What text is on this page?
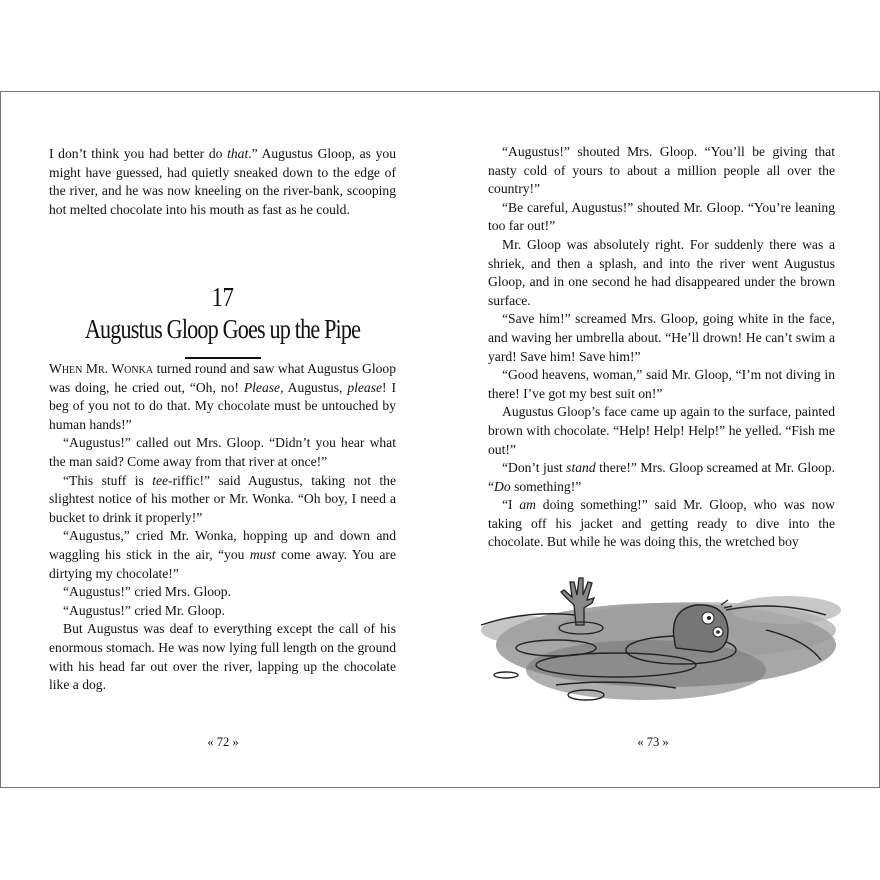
I don’t think you had better do that.” Augustus Gloop, as you might have guessed, had quietly sneaked down to the edge of the river, and he was now kneeling on the river-bank, scooping hot melted chocolate into his mouth as fast as he could.

17
Augustus Gloop Goes up the Pipe

When Mr. Wonka turned round and saw what Augustus Gloop was doing, he cried out, “Oh, no! Please, Augustus, please! I beg of you not to do that. My chocolate must be untouched by human hands!”

“Augustus!” called out Mrs. Gloop. “Didn’t you hear what the man said? Come away from that river at once!”

“This stuff is tee-riffic!” said Augustus, taking not the slightest notice of his mother or Mr. Wonka. “Oh boy, I need a bucket to drink it properly!”

“Augustus,” cried Mr. Wonka, hopping up and down and waggling his stick in the air, “you must come away. You are dirtying my chocolate!”

“Augustus!” cried Mrs. Gloop.

“Augustus!” cried Mr. Gloop.

But Augustus was deaf to everything except the call of his enormous stomach. He was now lying full length on the ground with his head far out over the river, lapping up the chocolate like a dog.

« 72 »

“Augustus!” shouted Mrs. Gloop. “You’ll be giving that nasty cold of yours to about a million people all over the country!”

“Be careful, Augustus!” shouted Mr. Gloop. “You’re leaning too far out!”

Mr. Gloop was absolutely right. For suddenly there was a shriek, and then a splash, and into the river went Augustus Gloop, and in one second he had disappeared under the brown surface.

“Save him!” screamed Mrs. Gloop, going white in the face, and waving her umbrella about. “He’ll drown! He can’t swim a yard! Save him! Save him!”

“Good heavens, woman,” said Mr. Gloop, “I’m not diving in there! I’ve got my best suit on!”

Augustus Gloop’s face came up again to the surface, painted brown with chocolate. “Help! Help! Help!” he yelled. “Fish me out!”

“Don’t just stand there!” Mrs. Gloop screamed at Mr. Gloop. “Do something!”

“I am doing something!” said Mr. Gloop, who was now taking off his jacket and getting ready to dive into the chocolate. But while he was doing this, the wretched boy

« 73 »
